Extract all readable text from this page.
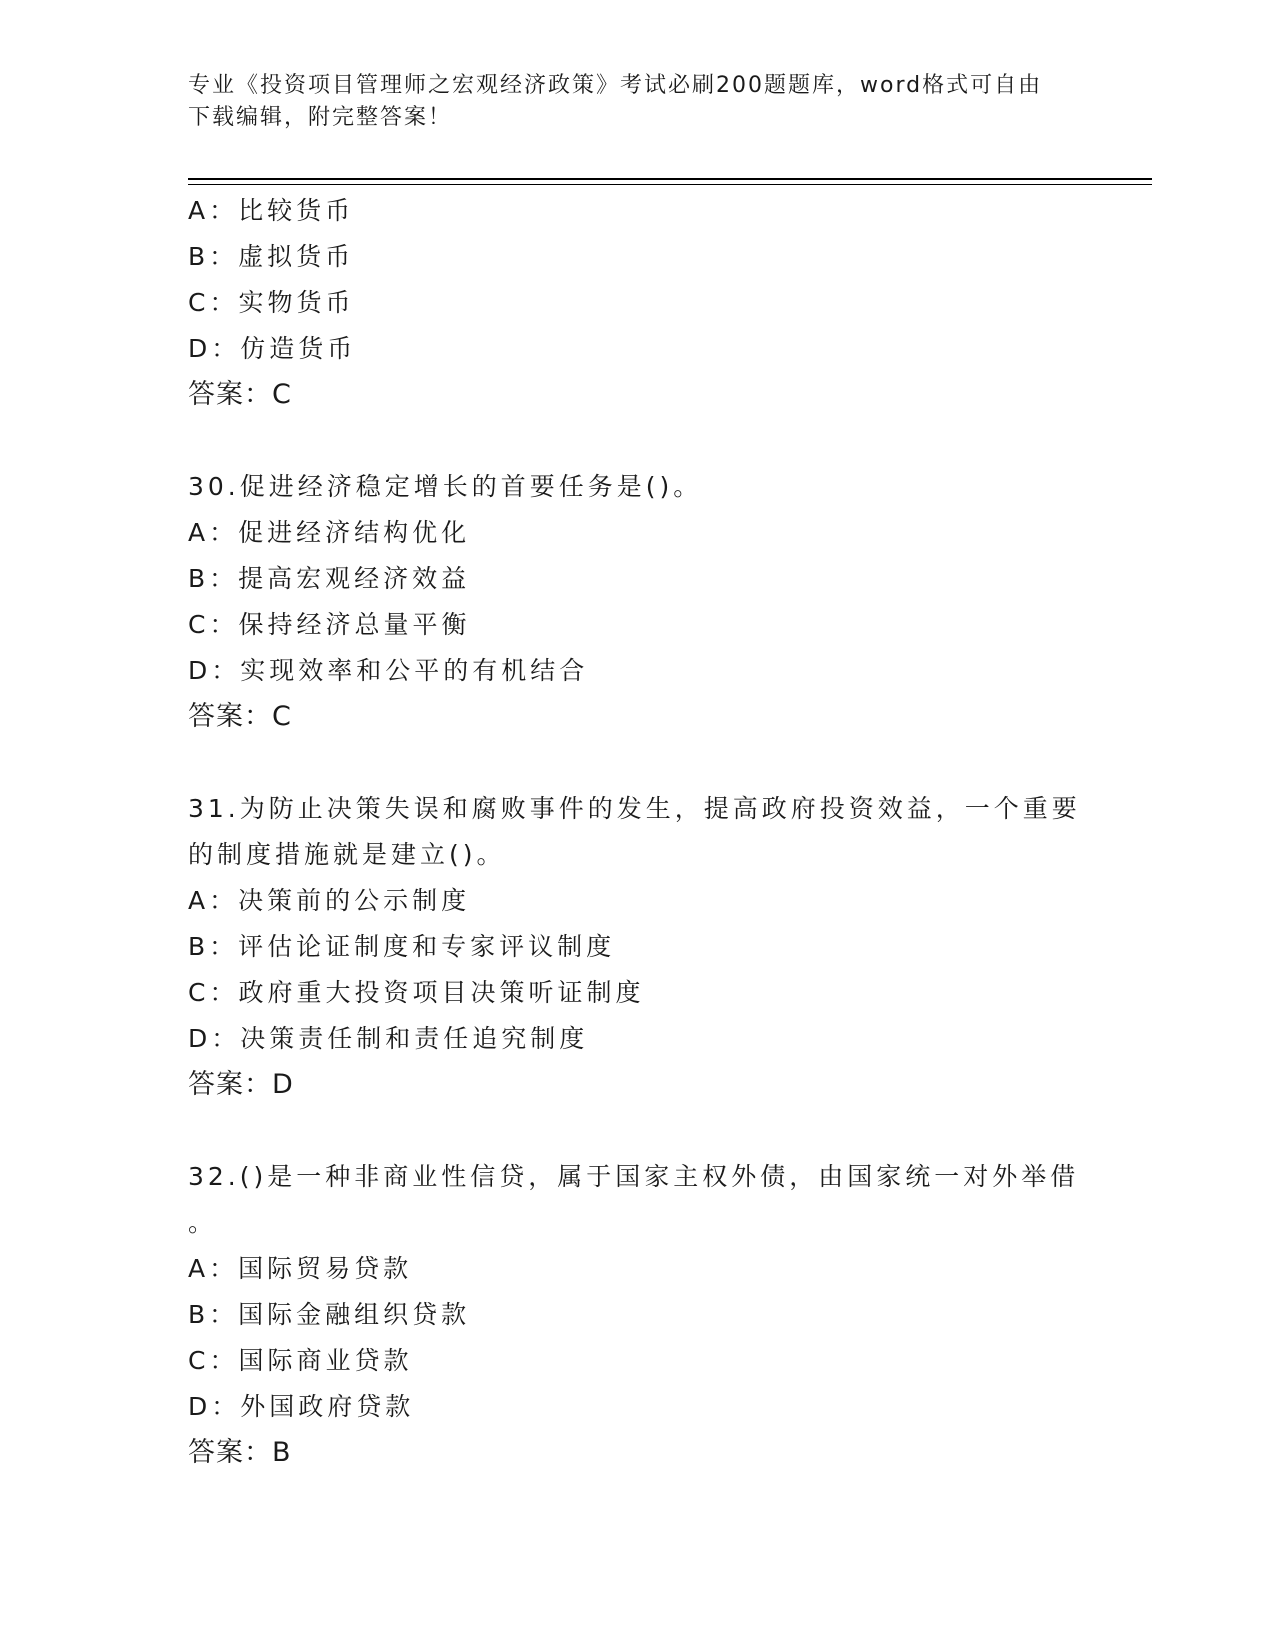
专业《投资项目管理师之宏观经济政策》考试必刷200题题库，word格式可自由
下载编辑，附完整答案！
A：比较货币
B：虚拟货币
C：实物货币
D：仿造货币
答案：C
30.促进经济稳定增长的首要任务是()。
A：促进经济结构优化
B：提高宏观经济效益
C：保持经济总量平衡
D：实现效率和公平的有机结合
答案：C
31.为防止决策失误和腐败事件的发生，提高政府投资效益，一个重要
的制度措施就是建立()。
A：决策前的公示制度
B：评估论证制度和专家评议制度
C：政府重大投资项目决策听证制度
D：决策责任制和责任追究制度
答案：D
32.()是一种非商业性信贷，属于国家主权外债，由国家统一对外举借
。
A：国际贸易贷款
B：国际金融组织贷款
C：国际商业贷款
D：外国政府贷款
答案：B
